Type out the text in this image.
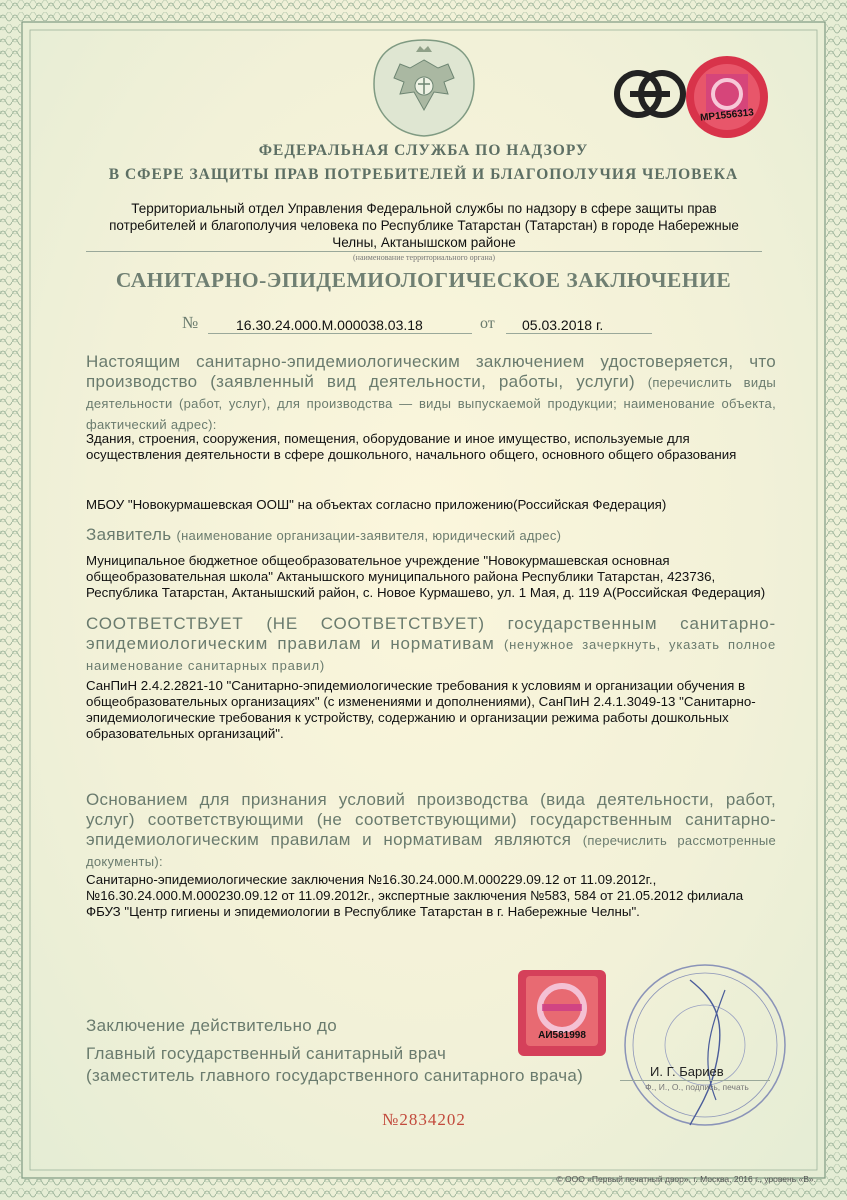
МР1556313
ФЕДЕРАЛЬНАЯ СЛУЖБА ПО НАДЗОРУ
В СФЕРЕ ЗАЩИТЫ ПРАВ ПОТРЕБИТЕЛЕЙ И БЛАГОПОЛУЧИЯ ЧЕЛОВЕКА
Территориальный отдел Управления Федеральной службы по надзору в сфере защиты прав потребителей и благополучия человека по Республике Татарстан (Татарстан) в городе Набережные Челны, Актанышском районе
(наименование территориального органа)
САНИТАРНО-ЭПИДЕМИОЛОГИЧЕСКОЕ ЗАКЛЮЧЕНИЕ
№	16.30.24.000.М.000038.03.18	от 05.03.2018 г.
Настоящим санитарно-эпидемиологическим заключением удостоверяется, что производство (заявленный вид деятельности, работы, услуги) (перечислить виды деятельности (работ, услуг), для производства — виды выпускаемой продукции; наименование объекта, фактический адрес):
Здания, строения, сооружения, помещения, оборудование и иное имущество, используемые для осуществления деятельности в сфере дошкольного, начального общего, основного общего образования
МБОУ "Новокурмашевская ООШ" на объектах согласно приложению(Российская Федерация)
Заявитель (наименование организации-заявителя, юридический адрес)
Муниципальное бюджетное общеобразовательное учреждение "Новокурмашевская основная общеобразовательная школа" Актанышского муниципального района Республики Татарстан, 423736, Республика Татарстан, Актанышский район, с. Новое Курмашево, ул. 1 Мая, д. 119 А(Российская Федерация)
СООТВЕТСТВУЕТ (НЕ СООТВЕТСТВУЕТ) государственным санитарно-эпидемиологическим правилам и нормативам (ненужное зачеркнуть, указать полное наименование санитарных правил)
СанПиН 2.4.2.2821-10 "Санитарно-эпидемиологические требования к условиям и организации обучения в общеобразовательных организациях" (с изменениями и дополнениями), СанПиН 2.4.1.3049-13 "Санитарно-эпидемиологические требования к устройству, содержанию и организации режима работы дошкольных образовательных организаций".
Основанием для признания условий производства (вида деятельности, работ, услуг) соответствующими (не соответствующими) государственным санитарно-эпидемиологическим правилам и нормативам являются (перечислить рассмотренные документы):
Санитарно-эпидемиологические заключения №16.30.24.000.М.000229.09.12 от 11.09.2012г., №16.30.24.000.М.000230.09.12 от 11.09.2012г., экспертные заключения №583, 584 от 21.05.2012 филиала ФБУЗ "Центр гигиены и эпидемиологии в Республике Татарстан в г. Набережные Челны".
Заключение действительно до
АИ581998
Главный государственный санитарный врач
(заместитель главного государственного санитарного врача)	И. Г. Бариев
Ф., И., О., подпись, печать
№2834202
© ООО «Первый печатный двор», г. Москва, 2016 г., уровень «В».
